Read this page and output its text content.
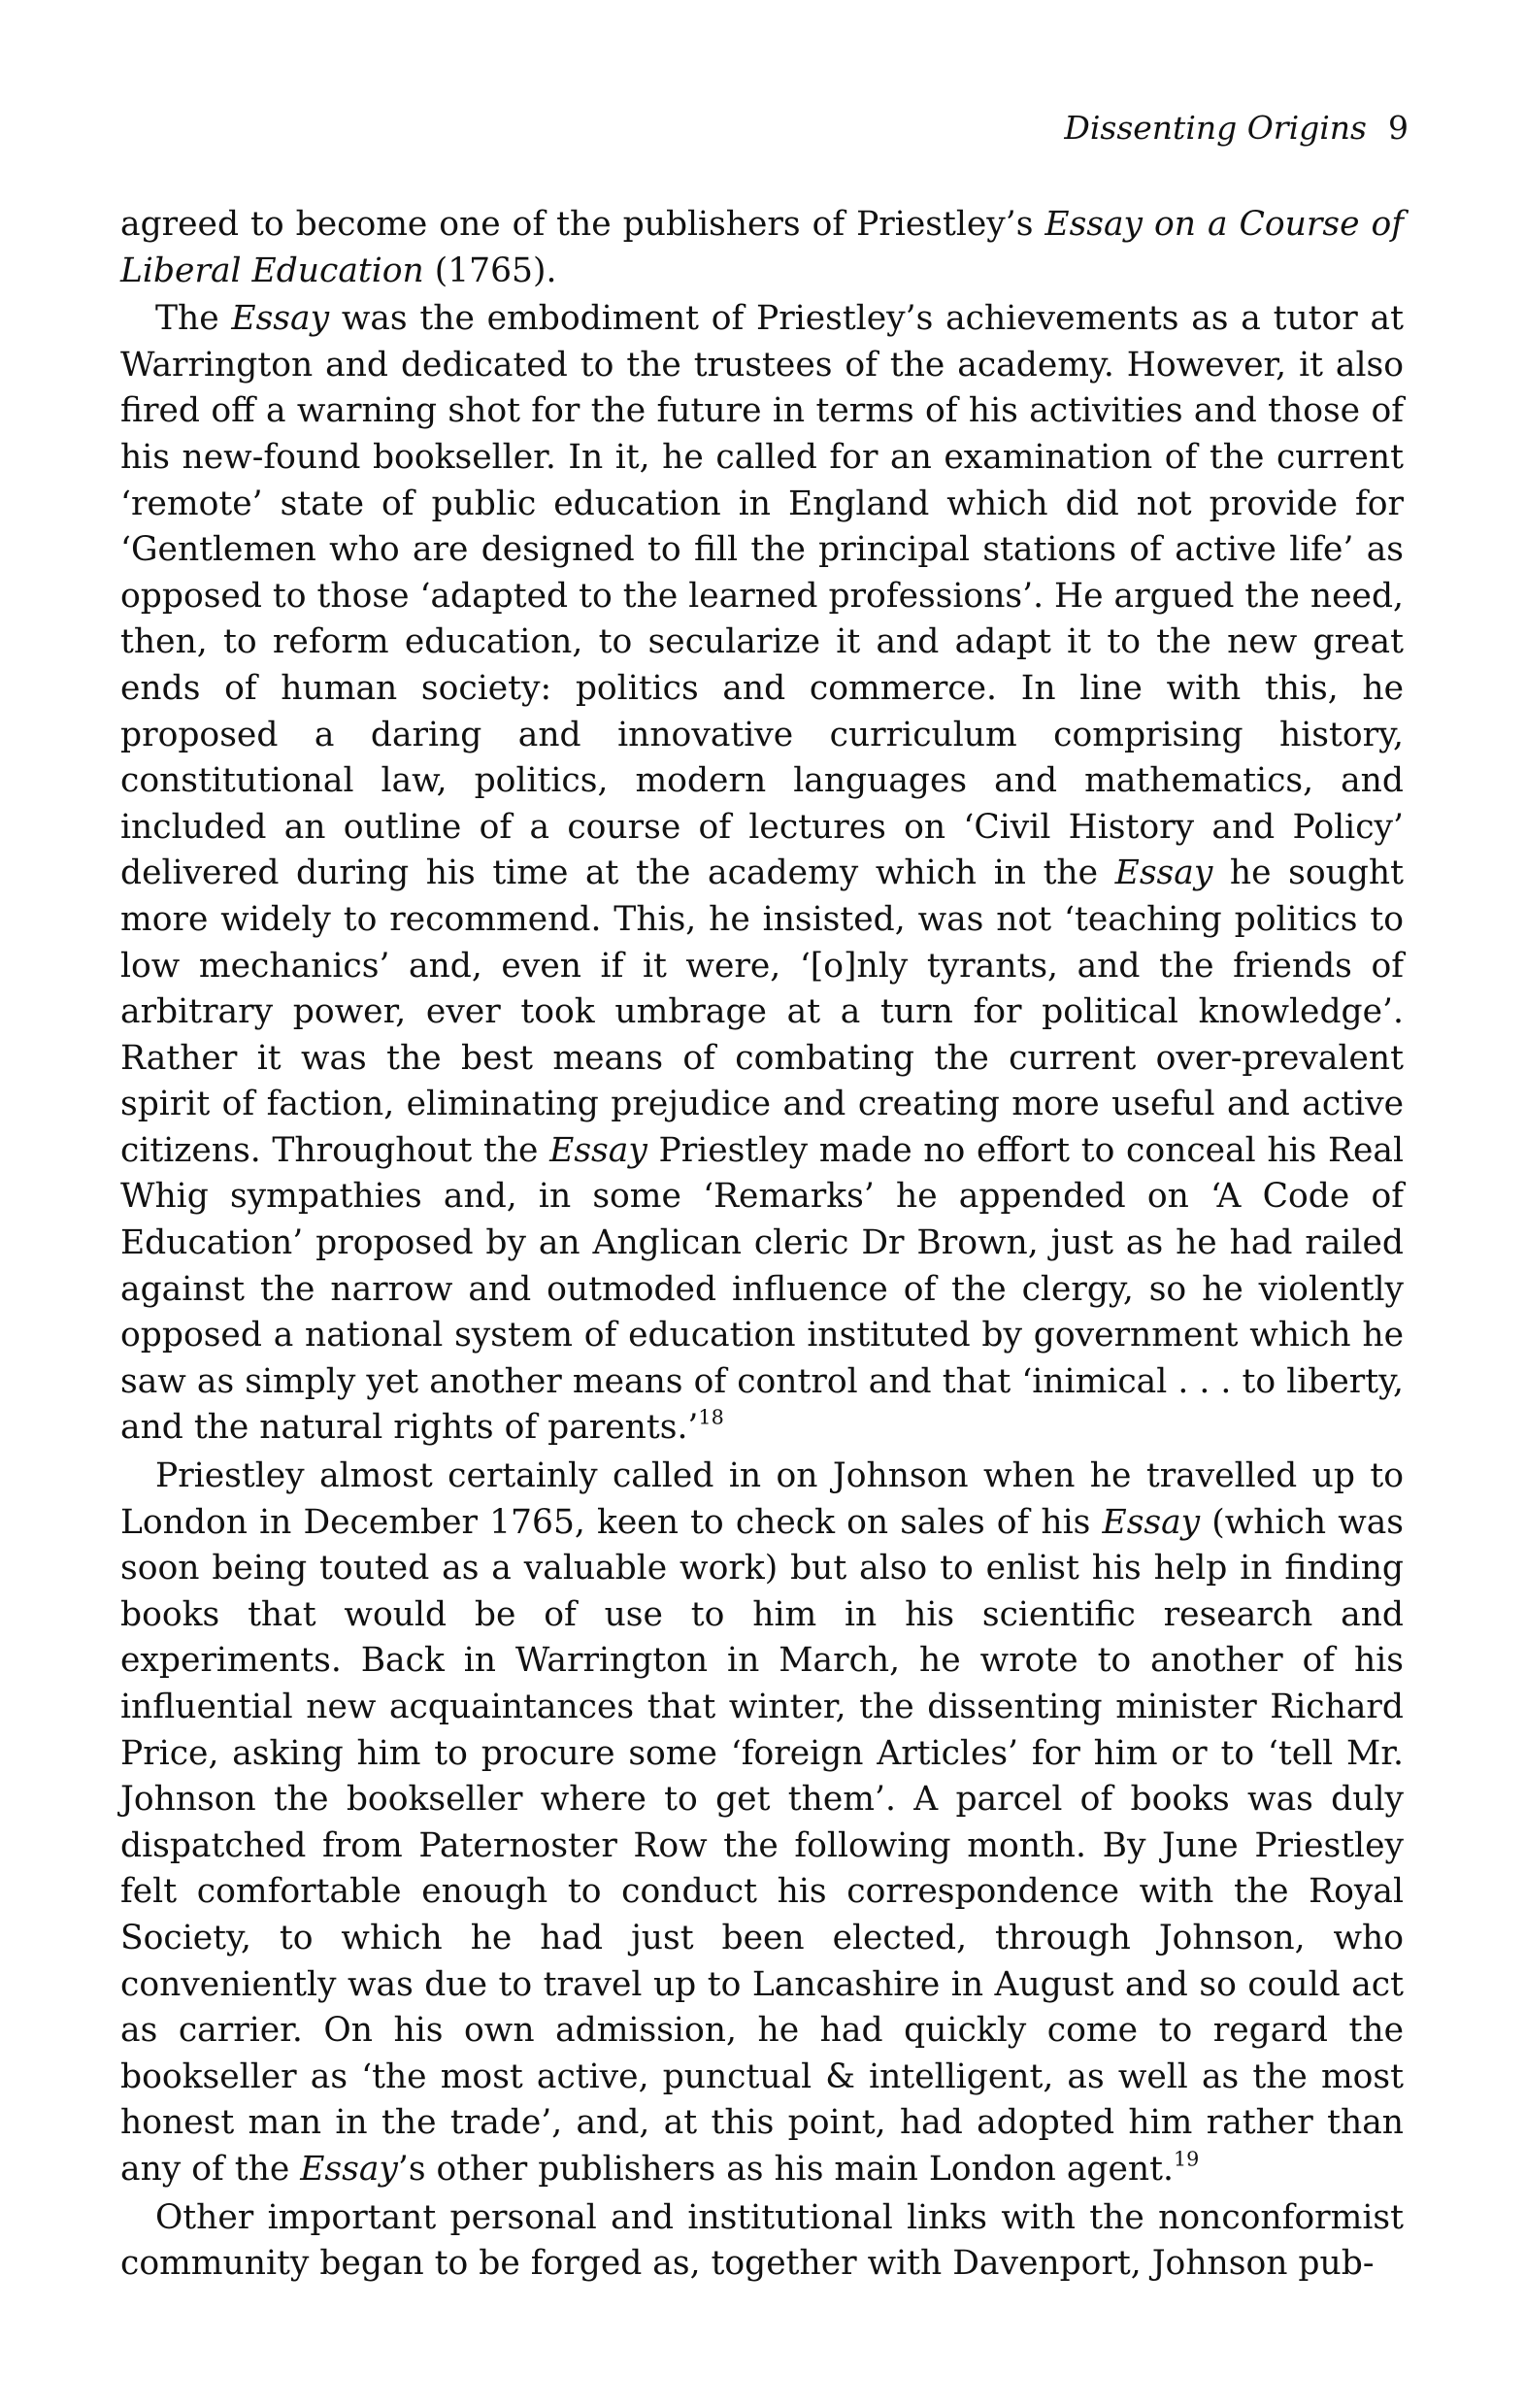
Dissenting Origins 9

agreed to become one of the publishers of Priestley’s Essay on a Course of Liberal Education (1765).

The Essay was the embodiment of Priestley’s achievements as a tutor at Warrington and dedicated to the trustees of the academy. However, it also fired off a warning shot for the future in terms of his activities and those of his new-found bookseller. In it, he called for an examination of the current ‘remote’ state of public education in England which did not provide for ‘Gentlemen who are designed to fill the principal stations of active life’ as opposed to those ‘adapted to the learned professions’. He argued the need, then, to reform education, to secularize it and adapt it to the new great ends of human society: politics and commerce. In line with this, he proposed a daring and innovative curriculum comprising history, constitutional law, politics, modern languages and mathematics, and included an outline of a course of lectures on ‘Civil History and Policy’ delivered during his time at the academy which in the Essay he sought more widely to recommend. This, he insisted, was not ‘teaching politics to low mechanics’ and, even if it were, ‘[o]nly tyrants, and the friends of arbitrary power, ever took umbrage at a turn for political knowledge’. Rather it was the best means of combating the current over-prevalent spirit of faction, eliminating prejudice and creating more useful and active citizens. Throughout the Essay Priestley made no effort to conceal his Real Whig sympathies and, in some ‘Remarks’ he appended on ‘A Code of Education’ proposed by an Anglican cleric Dr Brown, just as he had railed against the narrow and outmoded influence of the clergy, so he violently opposed a national system of education instituted by government which he saw as simply yet another means of control and that ‘inimical . . . to liberty, and the natural rights of parents.’$^{18}$

Priestley almost certainly called in on Johnson when he travelled up to London in December 1765, keen to check on sales of his Essay (which was soon being touted as a valuable work) but also to enlist his help in finding books that would be of use to him in his scientific research and experiments. Back in Warrington in March, he wrote to another of his influential new acquaintances that winter, the dissenting minister Richard Price, asking him to procure some ‘foreign Articles’ for him or to ‘tell Mr. Johnson the bookseller where to get them’. A parcel of books was duly dispatched from Paternoster Row the following month. By June Priestley felt comfortable enough to conduct his correspondence with the Royal Society, to which he had just been elected, through Johnson, who conveniently was due to travel up to Lancashire in August and so could act as carrier. On his own admission, he had quickly come to regard the bookseller as ‘the most active, punctual & intelligent, as well as the most honest man in the trade’, and, at this point, had adopted him rather than any of the Essay’s other publishers as his main London agent.$^{19}$

Other important personal and institutional links with the nonconformist community began to be forged as, together with Davenport, Johnson pub-
